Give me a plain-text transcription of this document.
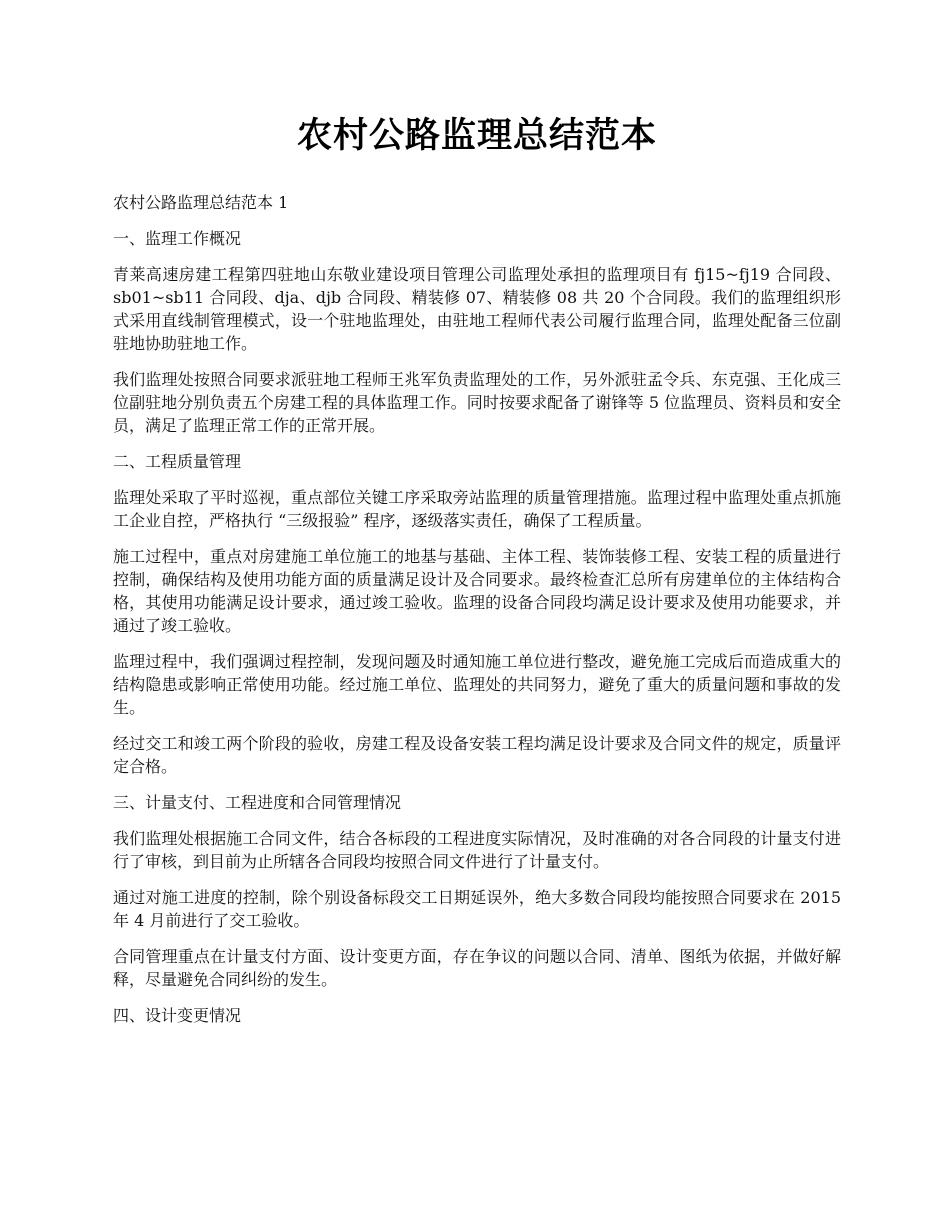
农村公路监理总结范本

农村公路监理总结范本 1

一、监理工作概况

青莱高速房建工程第四驻地山东敬业建设项目管理公司监理处承担的监理项目有 fj15~fj19 合同段、sb01~sb11 合同段、dja、djb 合同段、精装修 07、精装修 08 共 20 个合同段。我们的监理组织形式采用直线制管理模式，设一个驻地监理处，由驻地工程师代表公司履行监理合同，监理处配备三位副驻地协助驻地工作。

我们监理处按照合同要求派驻地工程师王兆军负责监理处的工作，另外派驻孟令兵、东克强、王化成三位副驻地分别负责五个房建工程的具体监理工作。同时按要求配备了谢锋等 5 位监理员、资料员和安全员，满足了监理正常工作的正常开展。

二、工程质量管理

监理处采取了平时巡视，重点部位关键工序采取旁站监理的质量管理措施。监理过程中监理处重点抓施工企业自控，严格执行 “三级报验” 程序，逐级落实责任，确保了工程质量。

施工过程中，重点对房建施工单位施工的地基与基础、主体工程、装饰装修工程、安装工程的质量进行控制，确保结构及使用功能方面的质量满足设计及合同要求。最终检查汇总所有房建单位的主体结构合格，其使用功能满足设计要求，通过竣工验收。监理的设备合同段均满足设计要求及使用功能要求，并通过了竣工验收。

监理过程中，我们强调过程控制，发现问题及时通知施工单位进行整改，避免施工完成后而造成重大的结构隐患或影响正常使用功能。经过施工单位、监理处的共同努力，避免了重大的质量问题和事故的发生。

经过交工和竣工两个阶段的验收，房建工程及设备安装工程均满足设计要求及合同文件的规定，质量评定合格。

三、计量支付、工程进度和合同管理情况

我们监理处根据施工合同文件，结合各标段的工程进度实际情况，及时准确的对各合同段的计量支付进行了审核，到目前为止所辖各合同段均按照合同文件进行了计量支付。

通过对施工进度的控制，除个别设备标段交工日期延误外，绝大多数合同段均能按照合同要求在 2015 年 4 月前进行了交工验收。

合同管理重点在计量支付方面、设计变更方面，存在争议的问题以合同、清单、图纸为依据，并做好解释，尽量避免合同纠纷的发生。

四、设计变更情况
